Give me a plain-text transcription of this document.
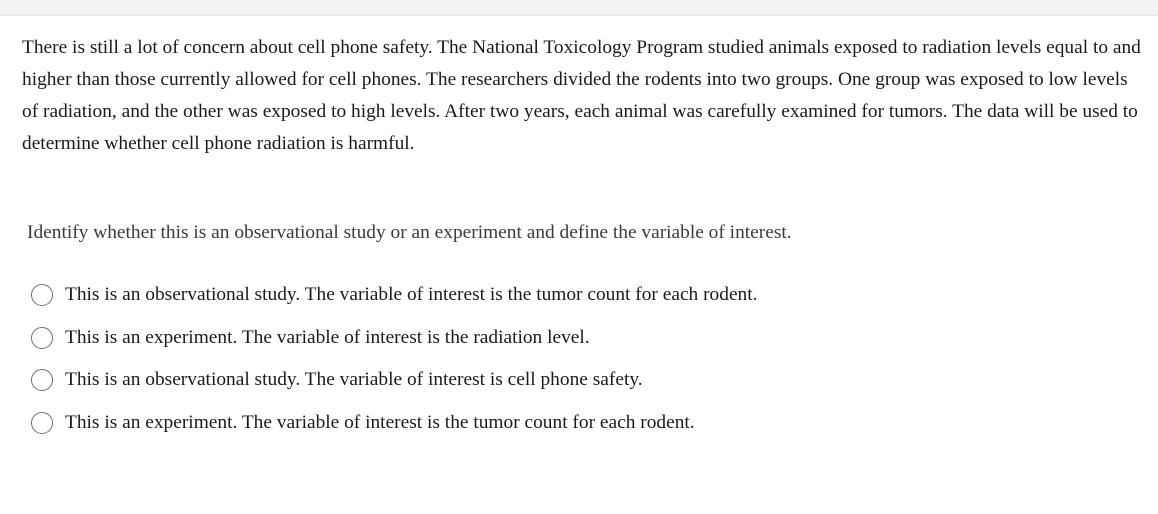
There is still a lot of concern about cell phone safety. The National Toxicology Program studied animals exposed to radiation levels equal to and higher than those currently allowed for cell phones. The researchers divided the rodents into two groups. One group was exposed to low levels of radiation, and the other was exposed to high levels. After two years, each animal was carefully examined for tumors. The data will be used to determine whether cell phone radiation is harmful.

Identify whether this is an observational study or an experiment and define the variable of interest.

This is an observational study. The variable of interest is the tumor count for each rodent.
This is an experiment. The variable of interest is the radiation level.
This is an observational study. The variable of interest is cell phone safety.
This is an experiment. The variable of interest is the tumor count for each rodent.
